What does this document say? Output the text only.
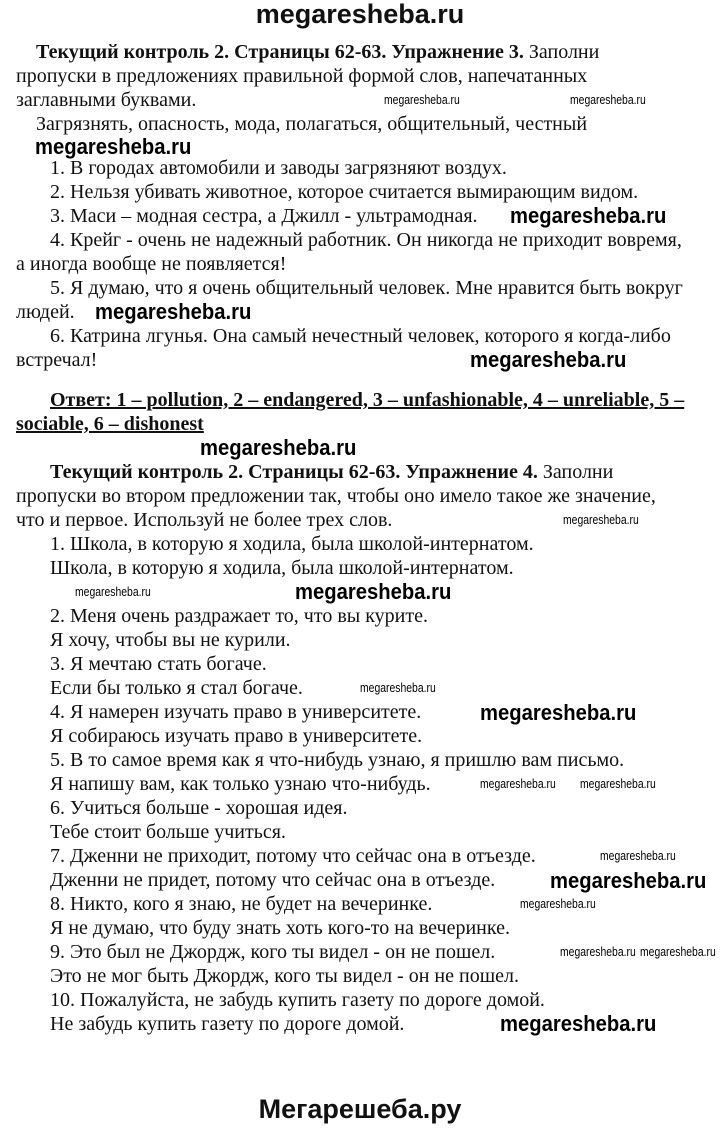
megaresheba.ru
Текущий контроль 2. Страницы 62-63. Упражнение 3. Заполни
пропуски в предложениях правильной формой слов, напечатанных
заглавными буквами.
Загрязнять, опасность, мода, полагаться, общительный, честный
1. В городах автомобили и заводы загрязняют воздух.
2. Нельзя убивать животное, которое считается вымирающим видом.
3. Маси – модная сестра, а Джилл - ультрамодная.
4. Крейг - очень не надежный работник. Он никогда не приходит вовремя,
а иногда вообще не появляется!
5. Я думаю, что я очень общительный человек. Мне нравится быть вокруг
людей.
6. Катрина лгунья. Она самый нечестный человек, которого я когда-либо
встречал!
Ответ: 1 – pollution, 2 – endangered, 3 – unfashionable, 4 – unreliable, 5 –
sociable, 6 – dishonest
Текущий контроль 2. Страницы 62-63. Упражнение 4. Заполни
пропуски во втором предложении так, чтобы оно имело такое же значение,
что и первое. Используй не более трех слов.
1. Школа, в которую я ходила, была школой-интернатом.
Школа, в которую я ходила, была школой-интернатом.
2. Меня очень раздражает то, что вы курите.
Я хочу, чтобы вы не курили.
3. Я мечтаю стать богаче.
Если бы только я стал богаче.
4. Я намерен изучать право в университете.
Я собираюсь изучать право в университете.
5. В то самое время как я что-нибудь узнаю, я пришлю вам письмо.
Я напишу вам, как только узнаю что-нибудь.
6. Учиться больше - хорошая идея.
Тебе стоит больше учиться.
7. Дженни не приходит, потому что сейчас она в отъезде.
Дженни не придет, потому что сейчас она в отъезде.
8. Никто, кого я знаю, не будет на вечеринке.
Я не думаю, что буду знать хоть кого-то на вечеринке.
9. Это был не Джордж, кого ты видел - он не пошел.
Это не мог быть Джордж, кого ты видел - он не пошел.
10. Пожалуйста, не забудь купить газету по дороге домой.
Не забудь купить газету по дороге домой.
megaresheba.ru	megaresheba.ru
megaresheba.ru
megaresheba.ru
megaresheba.ru
megaresheba.ru
megaresheba.ru
megaresheba.ru
megaresheba.ru
megaresheba.ru
megaresheba.ru
megaresheba.ru
megaresheba.ru megaresheba.ru
megaresheba.ru
megaresheba.ru
megaresheba.ru
megaresheba.ru megaresheba.ru
megaresheba.ru
Мегарешеба.ру
